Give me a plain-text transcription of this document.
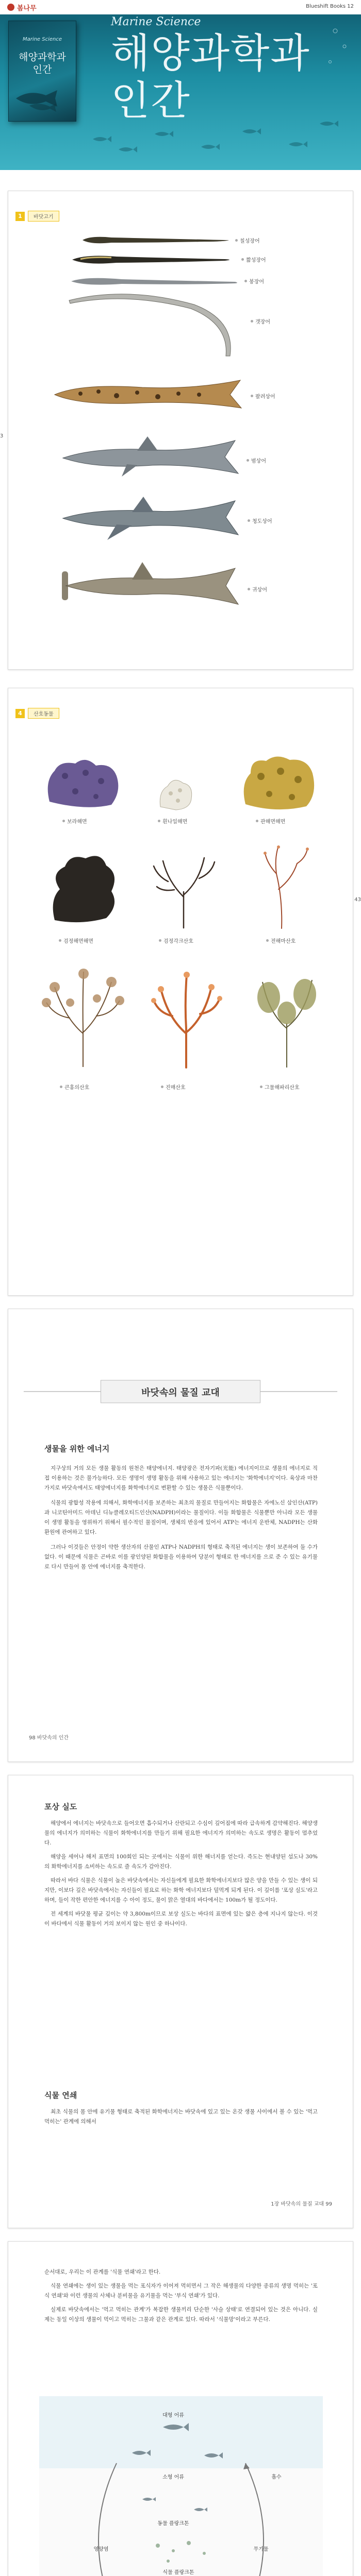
봄나무	Blueshift Books 12
Marine Science
해양과학과
인간
Marine Science
해양과학과
인간
1	바닷고기
3
칠성장어
짧성장어
붕장어
갯장어
팔려상어
범상어
청도상어
귀상어
4	산호동물
43
보라해면	흰나일해면	관해면해면
검정해면해면	검정각크산호	전해마산호
큰홍의산호	진매산호	그물해파리산호
바닷속의 물질 교대
생물을 위한 에너지

지구상의 거의 모든 생물 활동의 원천은 태양에너지. 태양광은 전자기파(光能) 에너지이므로 생물의 에너지로 직접 이용하는 것은 불가능하다. 모든 생명이 생명 활동을 위해 사용하고 있는 에너지는 '화학에너지'이다. 육상과 마찬가지로 바닷속에서도 태양에너지를 화학에너지로 변환할 수 있는 생물은 식물뿐이다.

식물의 광합성 작용에 의해서, 화학에너지를 보존하는 최초의 물질로 만들어지는 화합물은 자에노신 삼인산(ATP)과 니코틴아미드 아데닌 디뉴클레오티드인산(NADPH)이라는 물질이다. 이들 화합물은 식물뿐만 아니라 모든 생물이 생명 활동을 영위하기 위해서 필수적인 물질이며, 생체의 반응에 있어서 ATP는 에너지 운반체, NADPH는 산화 환원에 관여하고 있다.

그러나 이것들은 안정이 약한 생산자의 산물인 ATP나 NADPH의 형태로 축적된 에너지는 생이 보존하여 둘 수가 없다. 이 때문에 식물은 곤바로 이를 광인양된 화합물을 이용하여 당분이 형태로 한 에너지를 으로 준 수 있는 유기물로 다시 만들어 몸 안에 에너지를 축적한다.

98 바닷속의 인간
포상 실도

해양에서 에너지는 바닷속으로 들어오면 흡수되거나 산란되고 수심이 깊어짐에 따라 급속하게 감약해진다. 해양생물의 에너지가 의미하는 식물이 화학에너지를 만들기 위해 필요한 에너지가 의미하는 속도로 생명은 활동이 멈추었다.

해양을 세어나 해저 표면의 100회인 되는 곳에서는 식물이 위한 해너지를 얻는다. 즉도는 현내양된 섬도나 30%의 화학에너지를 소비하는 속도로 즐 속도가 감아진다.

따라서 바다 식물은 식물이 높은 바닷속에서는 자신들에게 필요한 화학에너지보다 많은 양을 만들 수 있는 생이 되지만, 이보다 깊은 바닷속에서는 자신들이 필요로 하는 화학 에너지보다 덜먹게 되게 된다. 이 깊이를 '포상 실도'라고 하며, 들이 작한 편안한 에너지를 수 아이 정도, 물이 맑은 열대의 바다에서는 100m가 될 정도이다.

전 세계의 바닷물 평균 깊이는 약 3,800m이므로 보상 실도는 바다의 표면에 있는 얇은 층에 지나지 않는다. 이것이 바다에서 식물 활동이 거의 보이지 않는 원인 중 하나이다.

식물 연쇄

최초 식물의 몸 안에 유기물 형태로 축적된 화학에너지는 바닷속에 있고 있는 온갖 생물 사이에서 볼 수 있는 '먹고 먹히는' 관계에 의해서

1장 바닷속의 물질 교대 99

순서대로, 우리는 이 관계를 '식물 연쇄'라고 한다.

식물 연쇄에는 생이 있는 생물을 먹는 포식자가 이어져 먹히면서 그 작은 해생물의 다양한 종류의 생명 먹히는 '포식 연쇄'와 이런 생물의 사체나 분비물을 유기물을 먹는 '부식 연쇄'가 있다.

실제로 바닷속에서는 '먹고 먹히는 관계'가 복잡한 생물끼리 단순한 '사슬 상태'로 연결되어 있는 것은 아니다. 실제는 동일 이상의 생물이 먹이고 먹히는 그물과 같은 관계로 있다. 따라서 '식물망'이라고 부른다.

대형 어류
소형 어류
동물 플랑크톤
식물 플랑크톤
영양염	무기물
흡수
